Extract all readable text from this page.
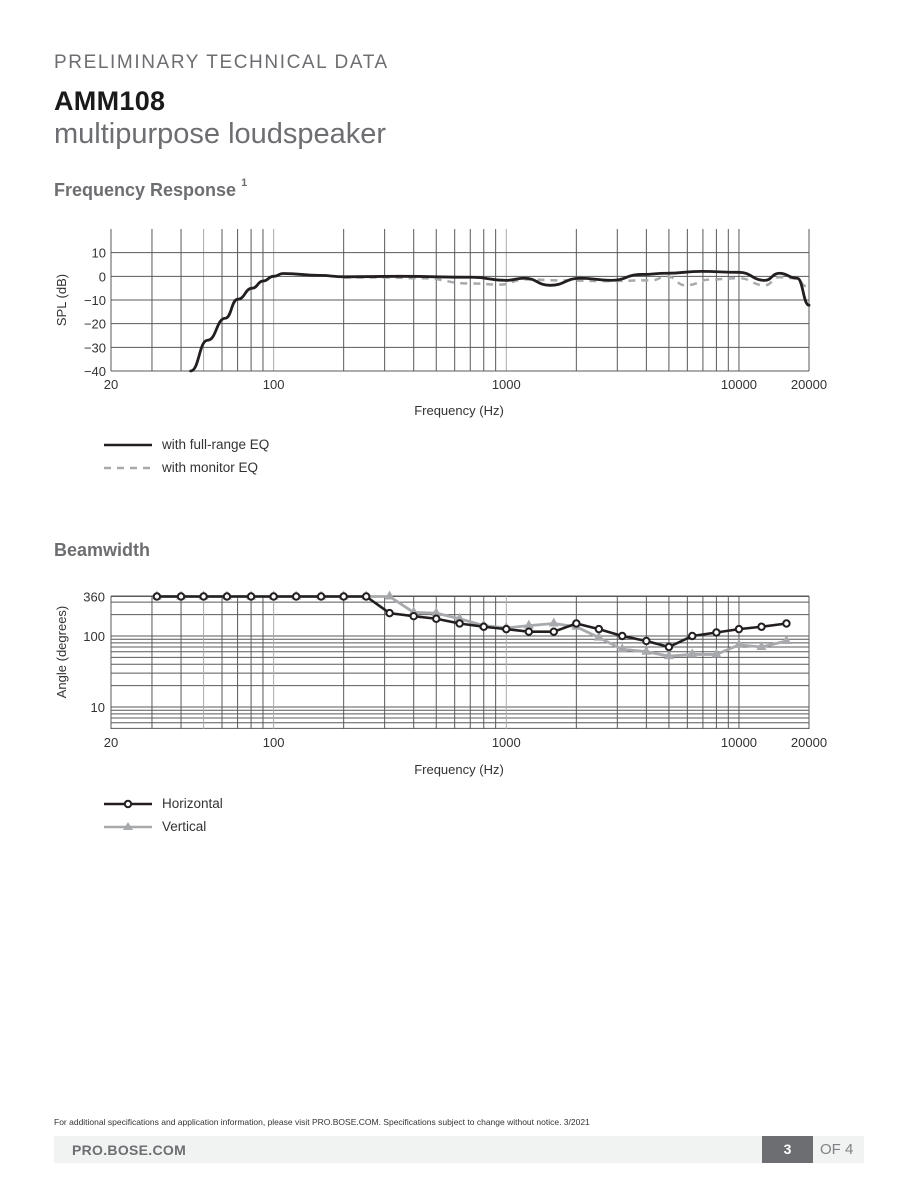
PRELIMINARY TECHNICAL DATA
AMM108
multipurpose loudspeaker
Frequency Response $^1$
10
0
−10
−20
−30
−40
20	100	1000	10000	20000
Frequency (Hz)
SPL (dB)
with full-range EQ
with monitor EQ
Beamwidth
360
100
10
20	100	1000	10000	20000
Frequency (Hz)
Angle (degrees)
Horizontal
Vertical
For additional specifications and application information, please visit PRO.BOSE.COM. Specifications subject to change without notice. 3/2021
PRO.BOSE.COM	3	OF 4
